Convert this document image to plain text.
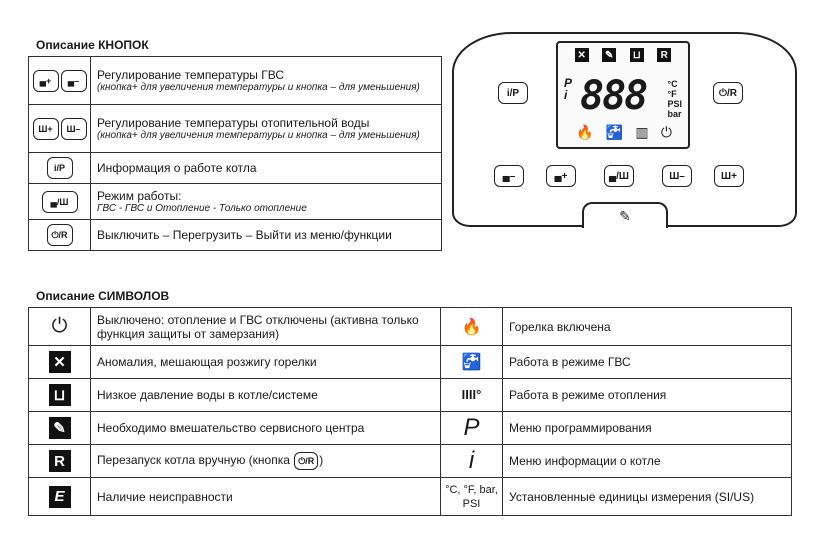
Описание КНОПОК
▄+ ▄–	Регулирование температуры ГВС
(кнопка+ для увеличения температуры и кнопка – для уменьшения)

Ш+ Ш–	Регулирование температуры отопительной воды
(кнопка+ для увеличения температуры и кнопка – для уменьшения)

i/P	Информация о работе котла
▄/Ш	Режим работы:
ГВС - ГВС и Отопление - Только отопление

⏻/R	Выключить – Перегрузить – Выйти из меню/функции
✕ ✎	⊔	R
P i 888 °C
°F
PSI
bar
🔥 🚰 ▥ ⏻
i/P	⏻/R
▄–	▄+	▄/Ш	Ш–	Ш+
✎
Описание СИМВОЛОВ
⏻	Выключено: отопление и ГВС отключены (активна только функция защиты от замерзания)	🔥	Горелка включена
✕	Аномалия, мешающая розжигу горелки	🚰	Работа в режиме ГВС
⊔	Низкое давление воды в котле/системе	IIII°	Работа в режиме отопления
✎	Необходимо вмешательство сервисного центра	P	Меню программирования
R	Перезапуск котла вручную (кнопка ⏻/R )	i	Меню информации о котле
E	Наличие неисправности	°C, °F, bar, PSI	Установленные единицы измерения (SI/US)
